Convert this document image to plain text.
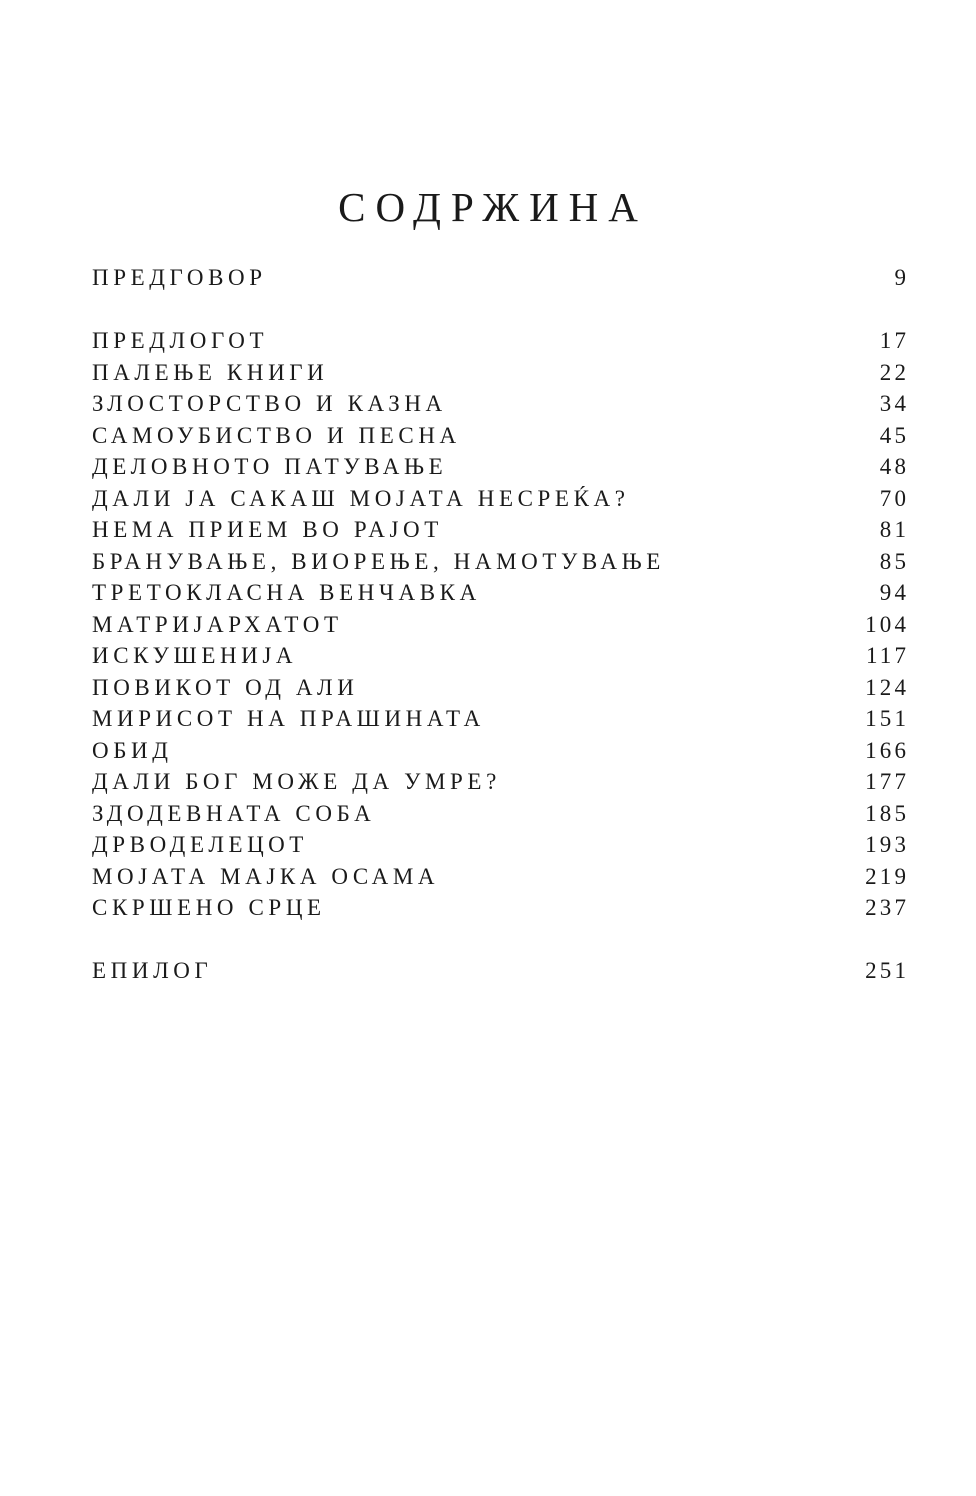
СОДРЖИНА
ПРЕДГОВОР	9
ПРЕДЛОГОТ	17
ПАЛЕЊЕ КНИГИ	22
ЗЛОСТОРСТВО И КАЗНА	34
САМОУБИСТВО И ПЕСНА	45
ДЕЛОВНОТО ПАТУВАЊЕ	48
ДАЛИ ЈА САКАШ МОЈАТА НЕСРЕЌА?	70
НЕМА ПРИЕМ ВО РАЈОТ	81
БРАНУВАЊЕ, ВИОРЕЊЕ, НАМОТУВАЊЕ	85
ТРЕТОКЛАСНА ВЕНЧАВКА	94
МАТРИЈАРХАТОТ	104
ИСКУШЕНИЈА	117
ПОВИКОТ ОД АЛИ	124
МИРИСОТ НА ПРАШИНАТА	151
ОБИД	166
ДАЛИ БОГ МОЖЕ ДА УМРЕ?	177
ЗДОДЕВНАТА СОБА	185
ДРВОДЕЛЕЦОТ	193
МОЈАТА МАЈКА ОСАМА	219
СКРШЕНО СРЦЕ	237
ЕПИЛОГ	251
